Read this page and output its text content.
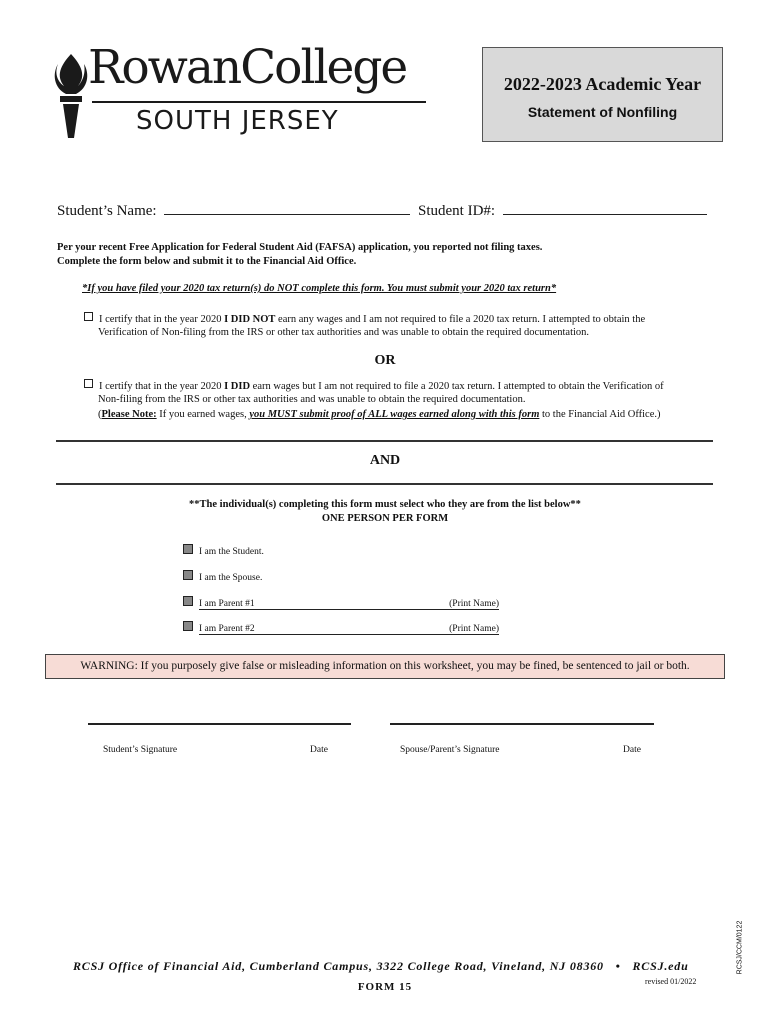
RowanCollege
SOUTH JERSEY
2022-2023 Academic Year
Statement of Nonfiling
Student’s Name:	Student ID#:
Per your recent Free Application for Federal Student Aid (FAFSA) application, you reported not filing taxes.
Complete the form below and submit it to the Financial Aid Office.
*If you have filed your 2020 tax return(s) do NOT complete this form. You must submit your 2020 tax return*
I certify that in the year 2020 I DID NOT earn any wages and I am not required to file a 2020 tax return. I attempted to obtain the
Verification of Non-filing from the IRS or other tax authorities and was unable to obtain the required documentation.
OR
I certify that in the year 2020 I DID earn wages but I am not required to file a 2020 tax return. I attempted to obtain the Verification of
Non-filing from the IRS or other tax authorities and was unable to obtain the required documentation.
(Please Note: If you earned wages, you MUST submit proof of ALL wages earned along with this form to the Financial Aid Office.)
AND
**The individual(s) completing this form must select who they are from the list below**
ONE PERSON PER FORM
I am the Student.
I am the Spouse.
I am Parent #1	(Print Name)
I am Parent #2	(Print Name)
WARNING: If you purposely give false or misleading information on this worksheet, you may be fined, be sentenced to jail or both.
Student’s Signature	Date	Spouse/Parent’s Signature	Date
RCSJ/CCM/0122
RCSJ Office of Financial Aid, Cumberland Campus, 3322 College Road, Vineland, NJ 08360 • RCSJ.edu
revised 01/2022
FORM 15
